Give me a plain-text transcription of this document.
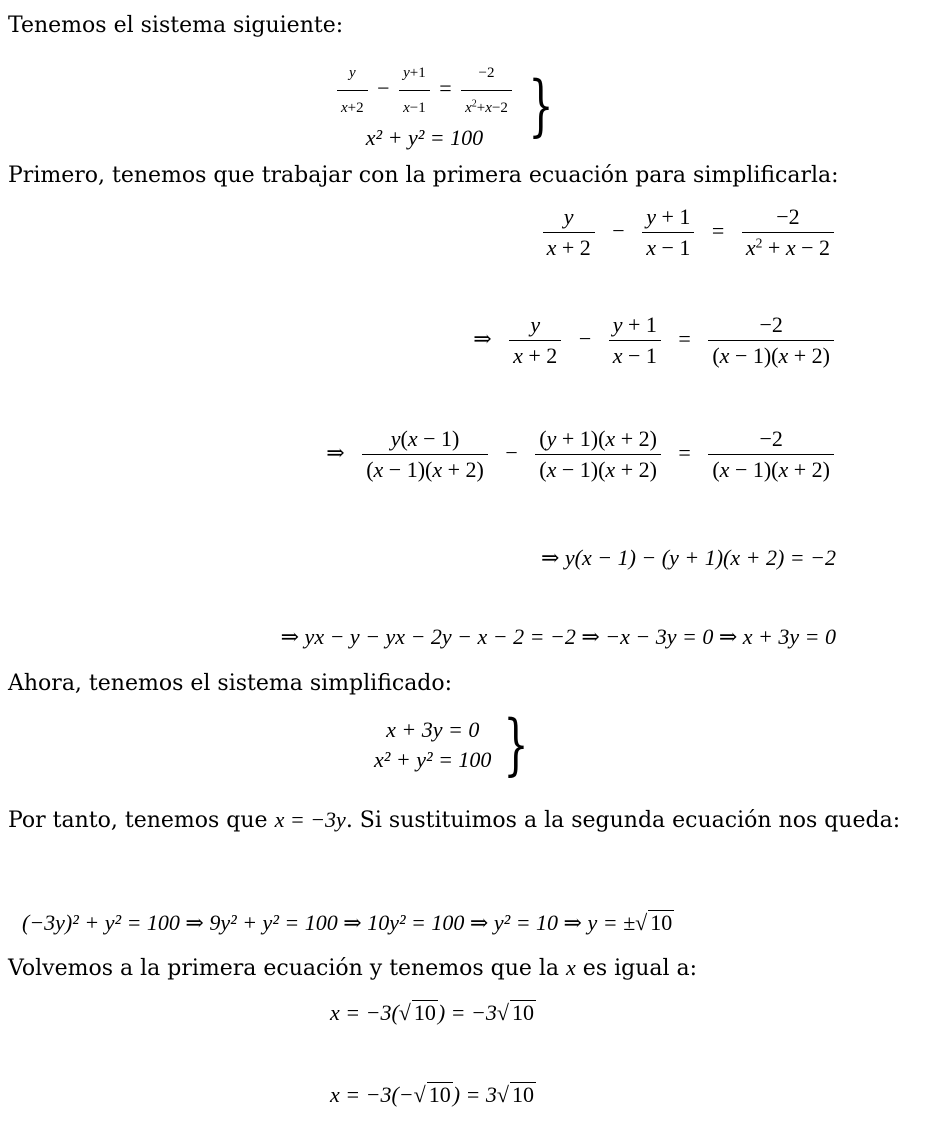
Tenemos el sistema siguiente:
$\frac{y}{x+2} - \frac{y+1}{x-1} = \frac{-2}{x^2+x-2}$
x² + y² = 100 }
Primero, tenemos que trabajar con la primera ecuación para simplificarla:
$\frac{y}{x + 2} - \frac{y + 1}{x - 1} = \frac{-2}{x^2 + x - 2}$
⇒ $\frac{y}{x + 2} - \frac{y + 1}{x - 1} = \frac{-2}{(x - 1)(x + 2)}$
⇒ $\frac{y(x - 1)}{(x - 1)(x + 2)} - \frac{(y + 1)(x + 2)}{(x - 1)(x + 2)} = \frac{-2}{(x - 1)(x + 2)}$
⇒ y(x − 1) − (y + 1)(x + 2) = −2
⇒ yx − y − yx − 2y − x − 2 = −2 ⇒ −x − 3y = 0 ⇒ x + 3y = 0
Ahora, tenemos el sistema simplificado:
x + 3y = 0
x² + y² = 100 }
Por tanto, tenemos que x = −3y. Si sustituimos a la segunda ecuación nos queda:
(−3y)² + y² = 100 ⇒ 9y² + y² = 100 ⇒ 10y² = 100 ⇒ y² = 10 ⇒ y = ±√ 10
Volvemos a la primera ecuación y tenemos que la x es igual a:
x = −3(√ 10) = −3√ 10
x = −3(−√ 10) = 3√ 10
